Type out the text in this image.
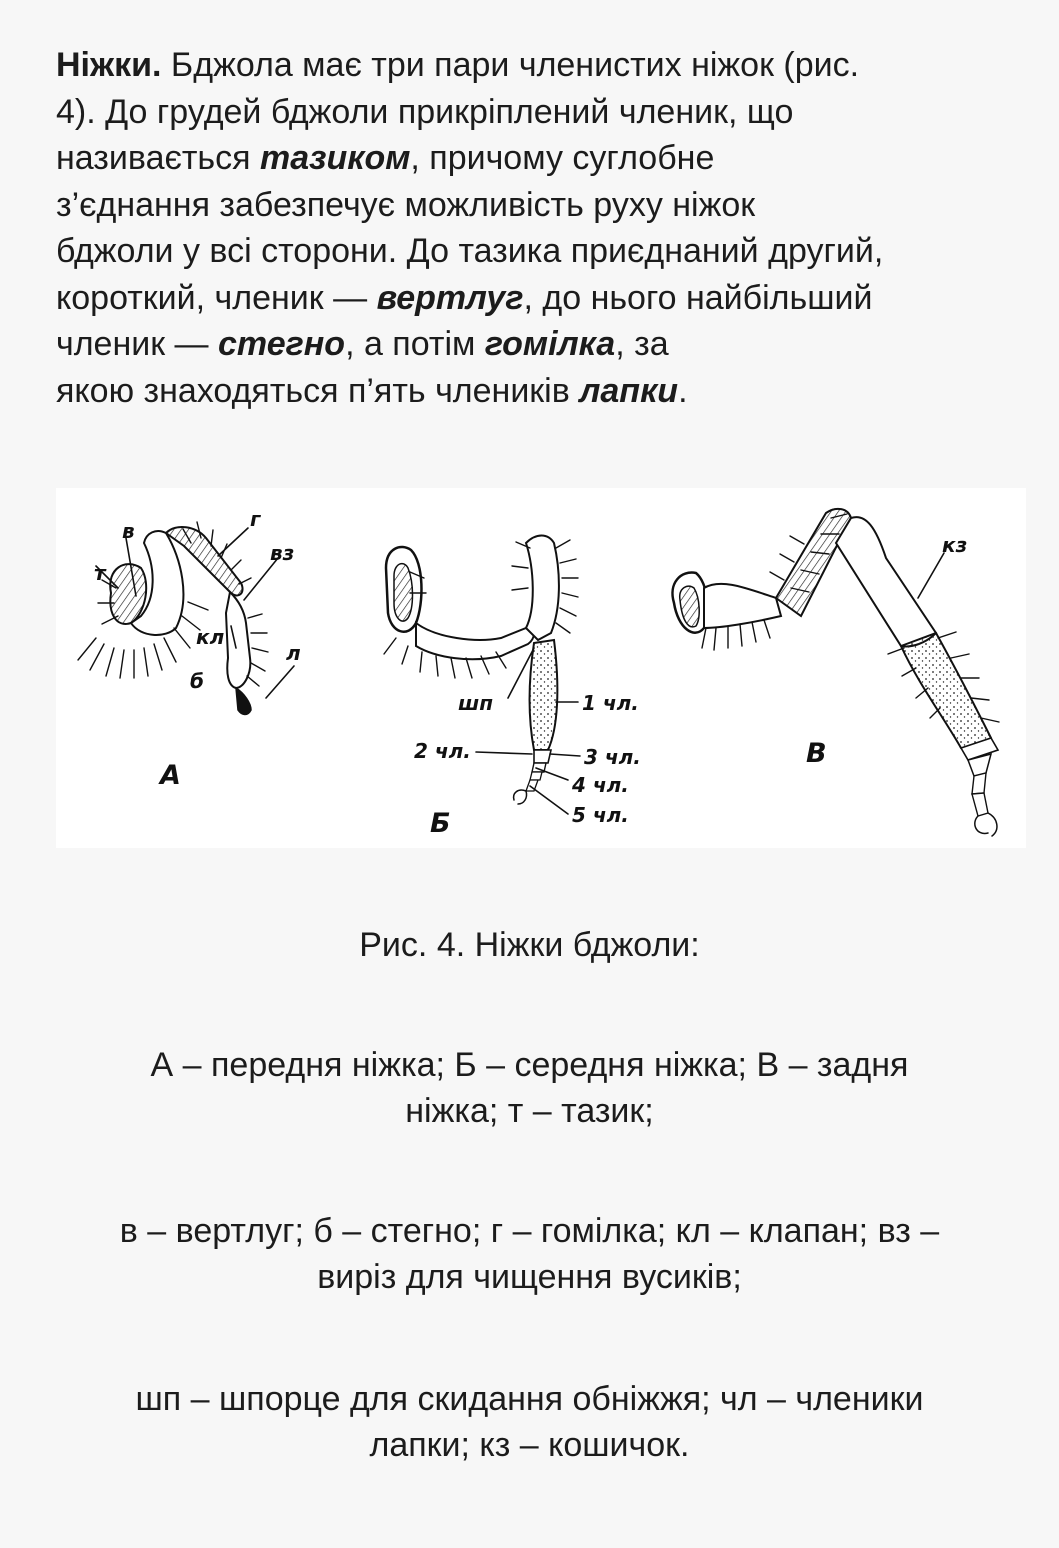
Ніжки. Бджола має три пари членистих ніжок (рис.
4). До грудей бджоли прикріплений членик, що
називається тазиком, причому суглобне
з’єднання забезпечує можливість руху ніжок
бджоли у всі сторони. До тазика приєднаний другий,
короткий, членик — вертлуг, до нього найбільший
членик — стегно, а потім гомілка, за
якою знаходяться п’ять члеників лапки.
т
в	г
вз
кл
б
л
А
шп	1 чл.
2 чл.	3 чл.
4 чл.
5 чл.
Б
кз
В
Рис. 4. Ніжки бджоли:
А – передня ніжка; Б – середня ніжка; В – задня
ніжка; т – тазик;
в – вертлуг; б – стегно; г – гомілка; кл – клапан; вз –
виріз для чищення вусиків;
шп – шпорце для скидання обніжжя; чл – членики
лапки; кз – кошичок.
